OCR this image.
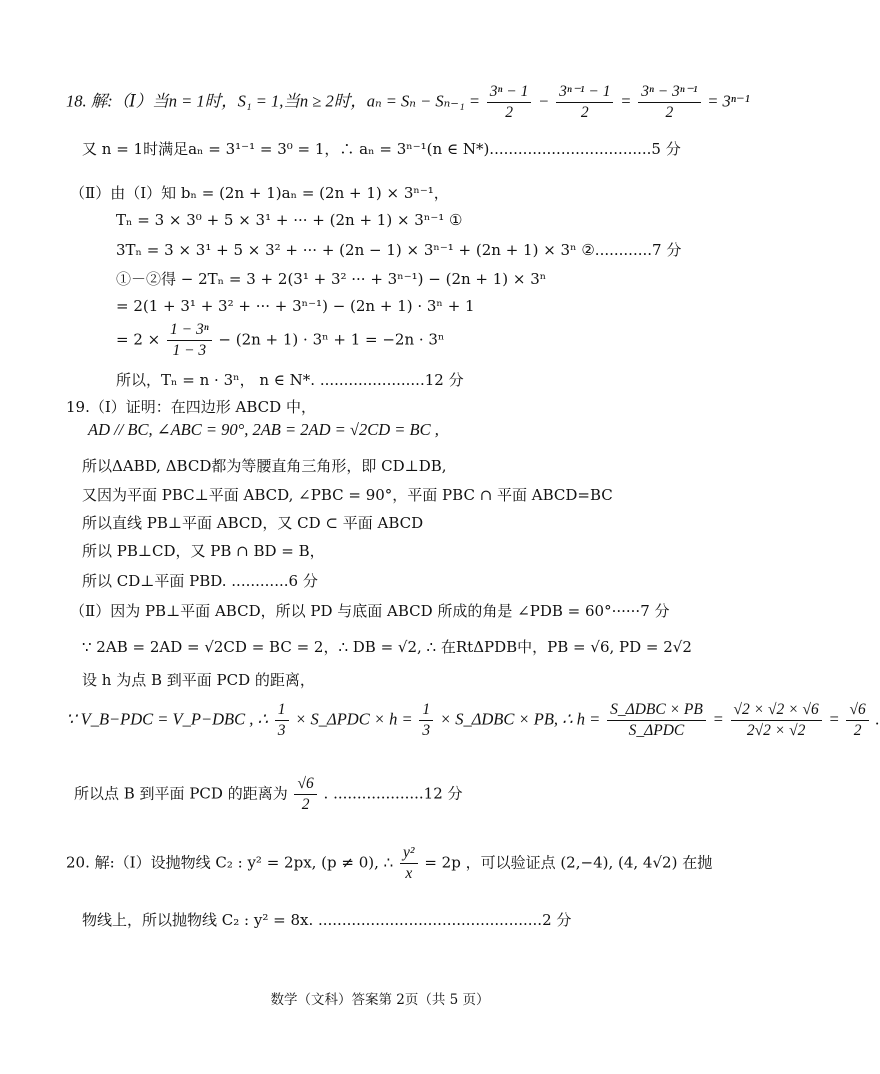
18. 解:（Ⅰ）当n = 1时，S₁ = 1,当n ≥ 2时，$a_n = S_n - S_{n-1} = \frac{\text{3ⁿ − 1}}{2} - \frac{\text{3ⁿ⁻¹ − 1}}{2} = \frac{\text{3ⁿ − 3ⁿ⁻¹}}{2} = 3^{n-1}$
又 n = 1时满足aₙ = 3¹⁻¹ = 3⁰ = 1，∴ aₙ = 3ⁿ⁻¹(n ∈ N*)..................................5 分
（Ⅱ）由（Ⅰ）知 bₙ = (2n + 1)aₙ = (2n + 1) × 3ⁿ⁻¹，
Tₙ = 3 × 3⁰ + 5 × 3¹ + ··· + (2n + 1) × 3ⁿ⁻¹ ①
3Tₙ = 3 × 3¹ + 5 × 3² + ··· + (2n − 1) × 3ⁿ⁻¹ + (2n + 1) × 3ⁿ ②............7 分
①－②得 − 2Tₙ = 3 + 2(3¹ + 3² ··· + 3ⁿ⁻¹) − (2n + 1) × 3ⁿ
= 2(1 + 3¹ + 3² + ··· + 3ⁿ⁻¹) − (2n + 1) · 3ⁿ + 1
= $2 \times \frac{\text{1 − 3ⁿ}}{1 - 3} - (2n + 1) \cdot 3^n + 1 = -2n \cdot 3^n$
所以，Tₙ = n · 3ⁿ， n ∈ N*. ......................12 分
19.（Ⅰ）证明：在四边形 ABCD 中，
AD // BC, ∠ABC = 90°, 2AB = 2AD = √2CD = BC ,
所以ΔABD, ΔBCD都为等腰直角三角形，即 CD⊥DB,
又因为平面 PBC⊥平面 ABCD, ∠PBC = 90°，平面 PBC ∩ 平面 ABCD=BC
所以直线 PB⊥平面 ABCD，又 CD ⊂ 平面 ABCD
所以 PB⊥CD，又 PB ∩ BD = B，
所以 CD⊥平面 PBD. ............6 分
（Ⅱ）因为 PB⊥平面 ABCD，所以 PD 与底面 ABCD 所成的角是 ∠PDB = 60°······7 分
∵ 2AB = 2AD = √2CD = BC = 2，∴ DB = √2, ∴ 在RtΔPDB中，PB = √6, PD = 2√2
设 h 为点 B 到平面 PCD 的距离，
∵ V_B−PDC = V_P−DBC , ∴ $\frac{1}{3}$ × S_ΔPDC × $h = \frac{1}{3}$ × S_ΔDBC × PB, ∴ h = S_ΔDBC × PB
S_ΔPDC
= $\frac{√2 \times √2 \times √6}{2√2 \times √2} = \frac{√6}{2}$ .
所以点 B 到平面 PCD 的距离为 $\frac{√6}{2}$ . ...................12 分
20. 解:（Ⅰ）设抛物线 C₂ : y² = 2px, (p ≠ 0), ∴ $\frac{\text{y²}}{x} = 2p$ ，可以验证点 (2,−4), (4, 4√2) 在抛
物线上，所以抛物线 C₂ : y² = 8x. ...............................................2 分
数学（文科）答案第 2页（共 5 页）
